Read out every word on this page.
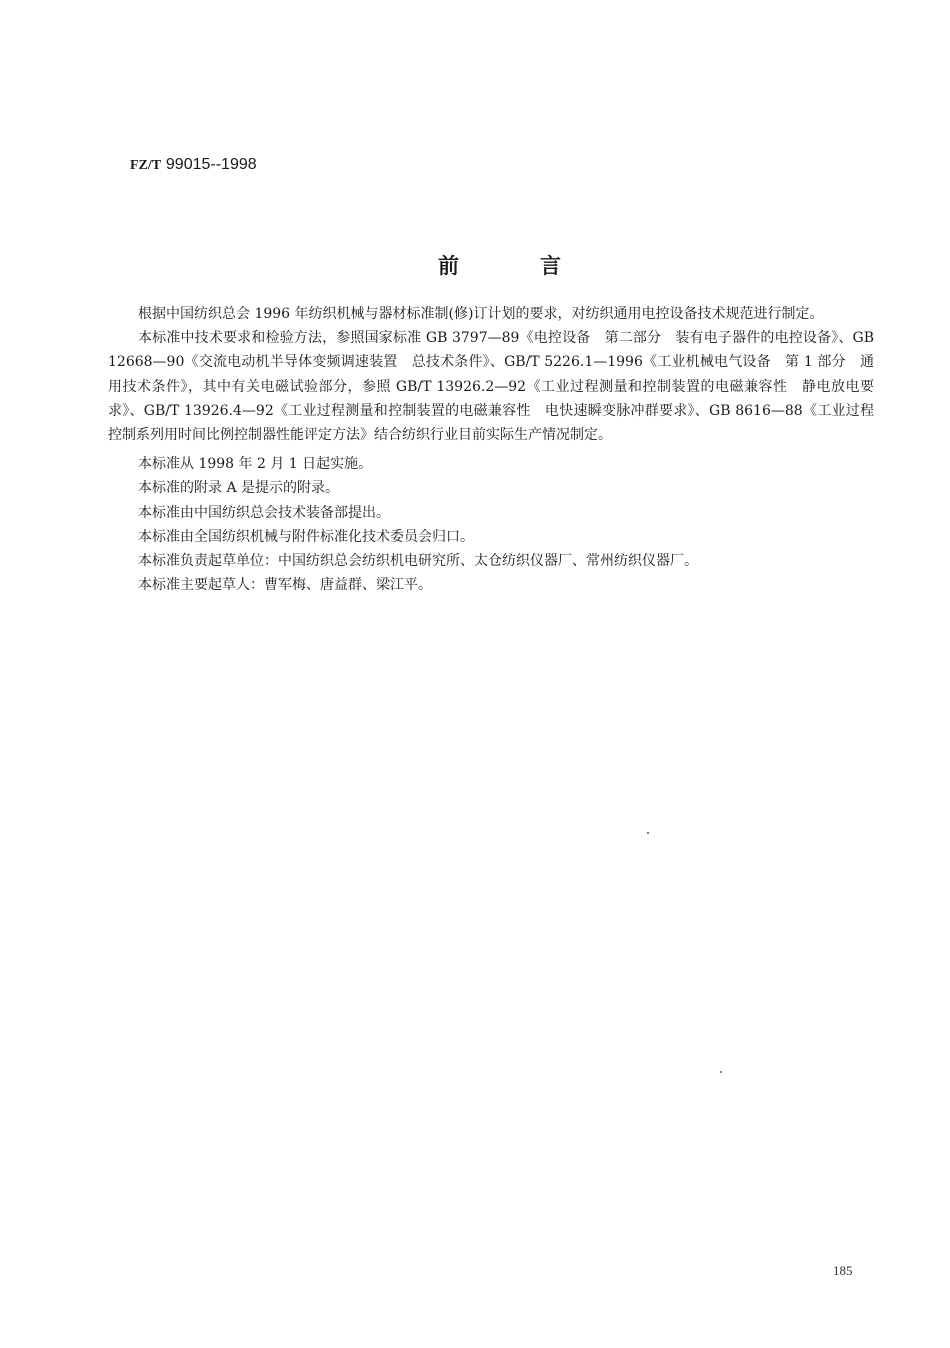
FZ/T 99015--1998
前	言

根据中国纺织总会 1996 年纺织机械与器材标准制(修)订计划的要求，对纺织通用电控设备技术规范进行制定。

本标准中技术要求和检验方法，参照国家标准 GB 3797—89《电控设备　第二部分　装有电子器件的电控设备》、GB 12668—90《交流电动机半导体变频调速装置　总技术条件》、GB/T 5226.1—1996《工业机械电气设备　第 1 部分　通用技术条件》，其中有关电磁试验部分，参照 GB/T 13926.2—92《工业过程测量和控制装置的电磁兼容性　静电放电要求》、GB/T 13926.4—92《工业过程测量和控制装置的电磁兼容性　电快速瞬变脉冲群要求》、GB 8616—88《工业过程控制系列用时间比例控制器性能评定方法》结合纺织行业目前实际生产情况制定。

本标准从 1998 年 2 月 1 日起实施。

本标准的附录 A 是提示的附录。

本标准由中国纺织总会技术装备部提出。

本标准由全国纺织机械与附件标准化技术委员会归口。

本标准负责起草单位：中国纺织总会纺织机电研究所、太仓纺织仪器厂、常州纺织仪器厂。

本标准主要起草人：曹军梅、唐益群、梁江平。

185
